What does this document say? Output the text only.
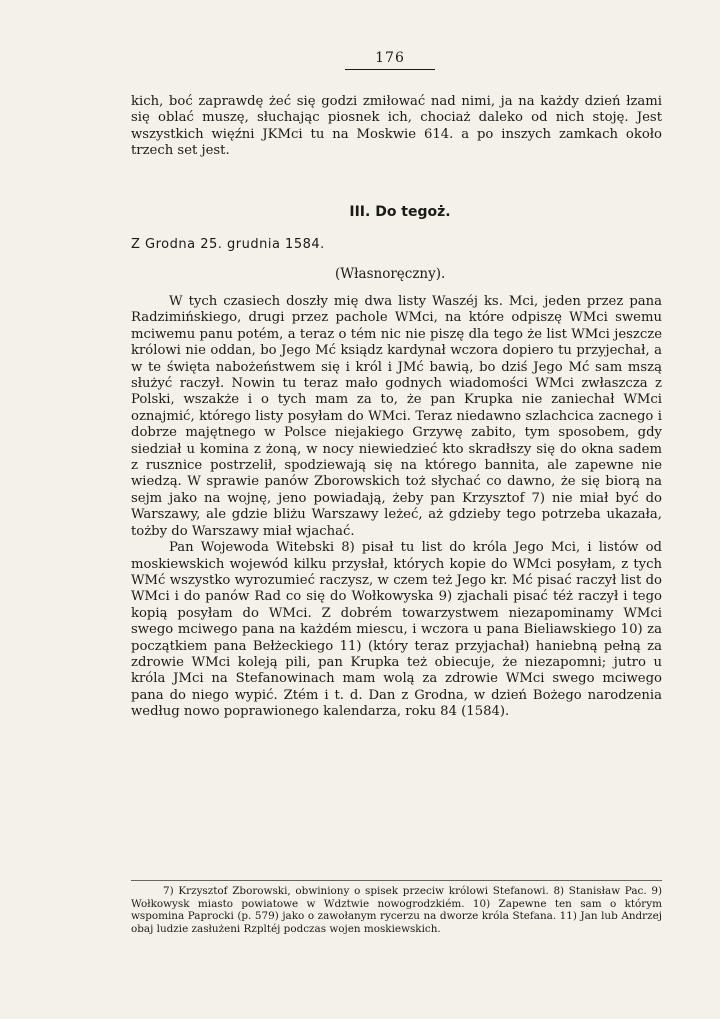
176

kich, boć zaprawdę żeć się godzi zmiłować nad nimi, ja na każdy dzień łzami się oblać muszę, słuchając piosnek ich, chociaż daleko od nich stoję. Jest wszystkich więźni JKMci tu na Moskwie 614. a po inszych zamkach około trzech set jest.

III. Do tegoż.
Z Grodna 25. grudnia 1584.
(Własnoręczny).

W tych czasiech doszły mię dwa listy Waszéj ks. Mci, jeden przez pana Radzimińskiego, drugi przez pachole WMci, na które odpiszę WMci swemu mciwemu panu potém, a teraz o tém nic nie piszę dla tego że list WMci jeszcze królowi nie oddan, bo Jego Mć ksiądz kardynał wczora dopiero tu przyjechał, a w te święta nabożeństwem się i król i JMć bawią, bo dziś Jego Mć sam mszą służyć raczył. Nowin tu teraz mało godnych wiadomości WMci zwłaszcza z Polski, wszakże i o tych mam za to, że pan Krupka nie zaniechał WMci oznajmić, którego listy posyłam do WMci. Teraz niedawno szlachcica zacnego i dobrze majętnego w Polsce niejakiego Grzywę zabito, tym sposobem, gdy siedział u komina z żoną, w nocy niewiedzieć kto skradłszy się do okna sadem z rusznice postrzelił, spodziewają się na którego bannita, ale zapewne nie wiedzą. W sprawie panów Zborowskich toż słychać co dawno, że się biorą na sejm jako na wojnę, jeno powiadają, żeby pan Krzysztof 7) nie miał być do Warszawy, ale gdzie bliżu Warszawy leżeć, aż gdzieby tego potrzeba ukazała, tożby do Warszawy miał wjachać.

Pan Wojewoda Witebski 8) pisał tu list do króla Jego Mci, i listów od moskiewskich wojewód kilku przysłał, których kopie do WMci posyłam, z tych WMć wszystko wyrozumieć raczysz, w czem też Jego kr. Mć pisać raczył list do WMci i do panów Rad co się do Wołkowyska 9) zjachali pisać téż raczył i tego kopią posyłam do WMci. Z dobrém towarzystwem niezapominamy WMci swego mciwego pana na każdém miescu, i wczora u pana Bieliawskiego 10) za początkiem pana Bełżeckiego 11) (który teraz przyjachał) haniebną pełną za zdrowie WMci koleją pili, pan Krupka też obiecuje, że niezapomni; jutro u króla JMci na Stefanowinach mam wolą za zdrowie WMci swego mciwego pana do niego wypić. Ztém i t. d. Dan z Grodna, w dzień Bożego narodzenia według nowo poprawionego kalendarza, roku 84 (1584).

7) Krzysztof Zborowski, obwiniony o spisek przeciw królowi Stefanowi. 8) Stanisław Pac. 9) Wołkowysk miasto powiatowe w Wdztwie nowogrodzkiém. 10) Zapewne ten sam o którym wspomina Paprocki (p. 579) jako o zawołanym rycerzu na dworze króla Stefana. 11) Jan lub Andrzej obaj ludzie zasłużeni Rzpltéj podczas wojen moskiewskich.
